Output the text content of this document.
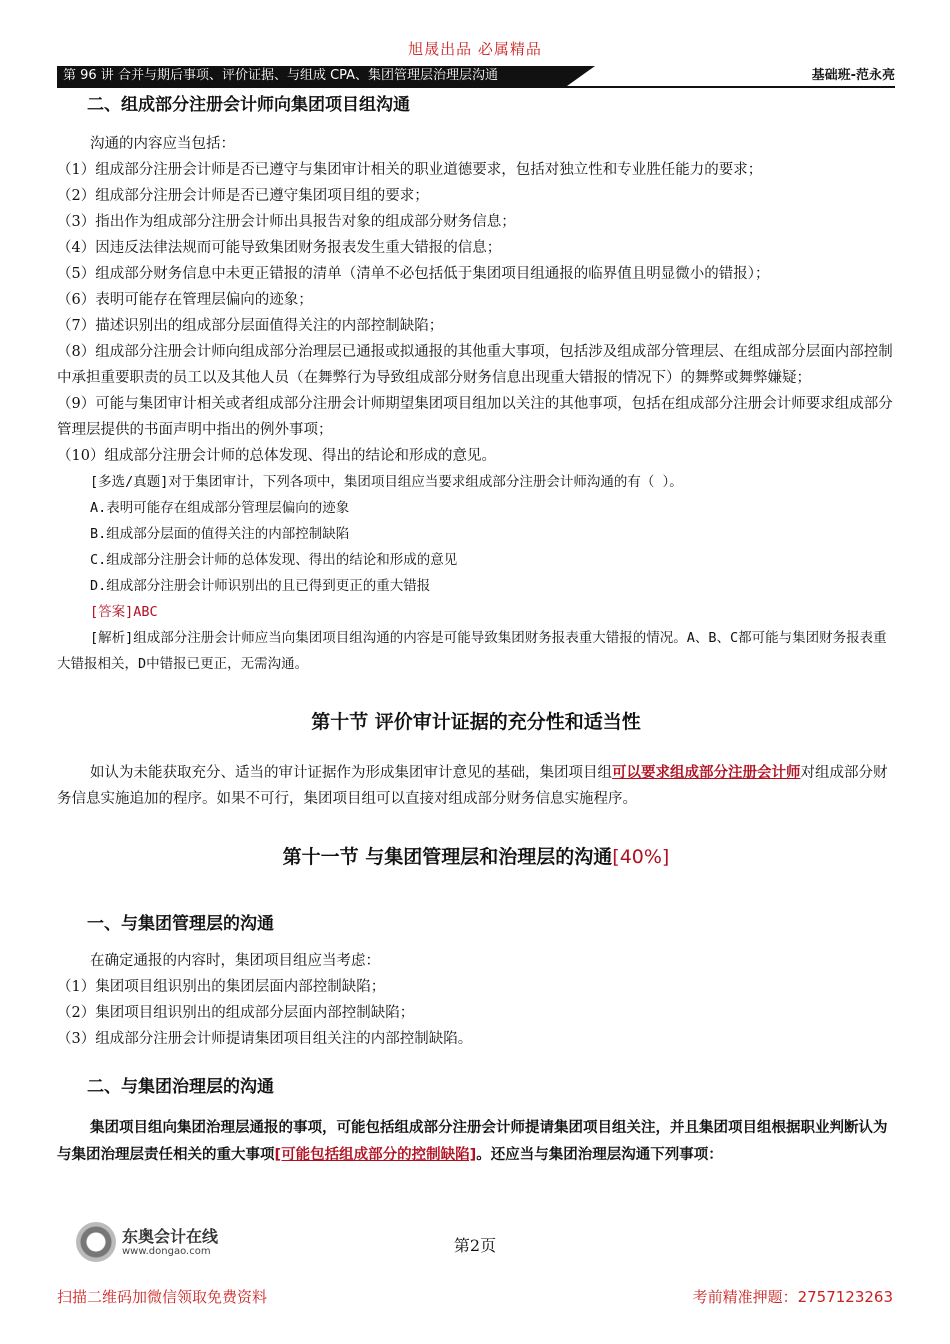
旭晟出品 必属精品
第 96 讲 合并与期后事项、评价证据、与组成 CPA、集团管理层治理层沟通	基础班-范永亮

二、组成部分注册会计师向集团项目组沟通

沟通的内容应当包括：

（1）组成部分注册会计师是否已遵守与集团审计相关的职业道德要求，包括对独立性和专业胜任能力的要求；

（2）组成部分注册会计师是否已遵守集团项目组的要求；

（3）指出作为组成部分注册会计师出具报告对象的组成部分财务信息；

（4）因违反法律法规而可能导致集团财务报表发生重大错报的信息；

（5）组成部分财务信息中未更正错报的清单（清单不必包括低于集团项目组通报的临界值且明显微小的错报）；

（6）表明可能存在管理层偏向的迹象；

（7）描述识别出的组成部分层面值得关注的内部控制缺陷；

（8）组成部分注册会计师向组成部分治理层已通报或拟通报的其他重大事项，包括涉及组成部分管理层、在组成部分层面内部控制中承担重要职责的员工以及其他人员（在舞弊行为导致组成部分财务信息出现重大错报的情况下）的舞弊或舞弊嫌疑；

（9）可能与集团审计相关或者组成部分注册会计师期望集团项目组加以关注的其他事项，包括在组成部分注册会计师要求组成部分管理层提供的书面声明中指出的例外事项；

（10）组成部分注册会计师的总体发现、得出的结论和形成的意见。

[多选/真题]对于集团审计，下列各项中，集团项目组应当要求组成部分注册会计师沟通的有（ ）。

A.表明可能存在组成部分管理层偏向的迹象

B.组成部分层面的值得关注的内部控制缺陷

C.组成部分注册会计师的总体发现、得出的结论和形成的意见

D.组成部分注册会计师识别出的且已得到更正的重大错报

[答案]ABC

[解析]组成部分注册会计师应当向集团项目组沟通的内容是可能导致集团财务报表重大错报的情况。A、B、C都可能与集团财务报表重大错报相关，D中错报已更正，无需沟通。

第十节 评价审计证据的充分性和适当性

如认为未能获取充分、适当的审计证据作为形成集团审计意见的基础，集团项目组可以要求组成部分注册会计师对组成部分财务信息实施追加的程序。如果不可行，集团项目组可以直接对组成部分财务信息实施程序。

第十一节 与集团管理层和治理层的沟通[40%]

一、与集团管理层的沟通

在确定通报的内容时，集团项目组应当考虑：

（1）集团项目组识别出的集团层面内部控制缺陷；

（2）集团项目组识别出的组成部分层面内部控制缺陷；

（3）组成部分注册会计师提请集团项目组关注的内部控制缺陷。

二、与集团治理层的沟通

集团项目组向集团治理层通报的事项，可能包括组成部分注册会计师提请集团项目组关注，并且集团项目组根据职业判断认为与集团治理层责任相关的重大事项[可能包括组成部分的控制缺陷]。还应当与集团治理层沟通下列事项：

东奥会计在线
www.dongao.com	第2页
扫描二维码加微信领取免费资料	考前精准押题：2757123263
